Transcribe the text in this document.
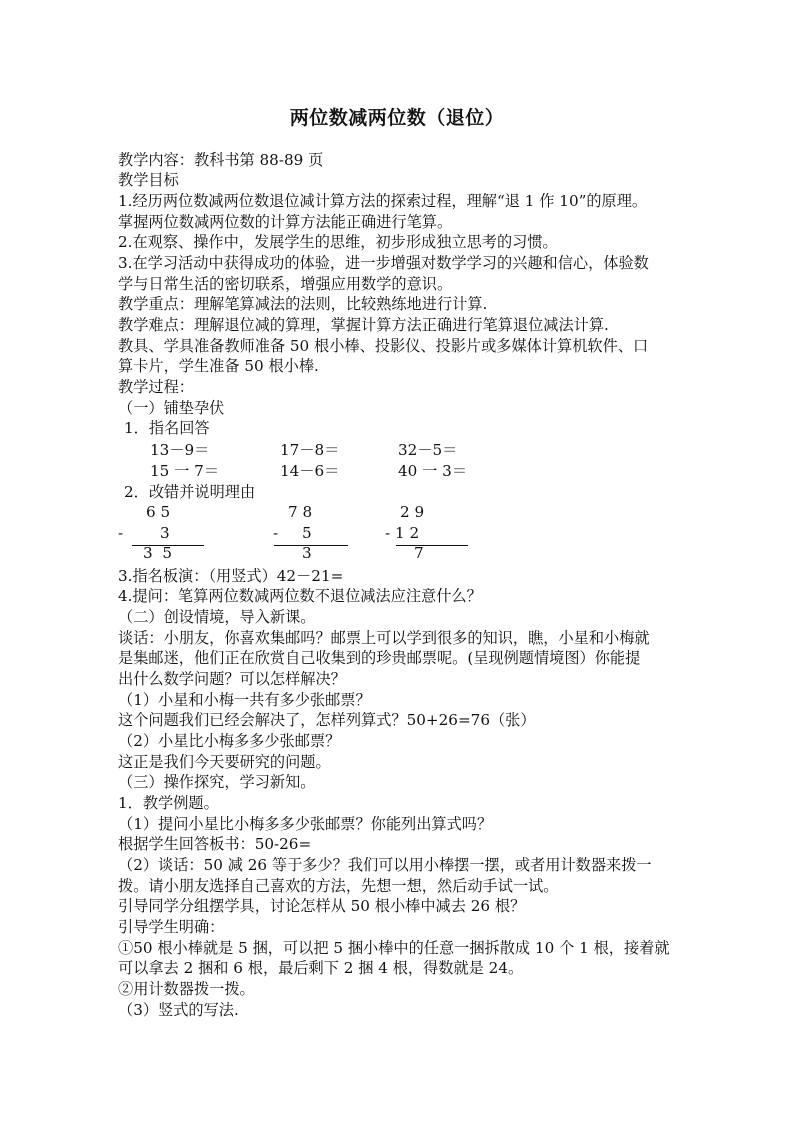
两位数减两位数（退位）
教学内容：教科书第 88-89 页
教学目标
1.经历两位数减两位数退位减计算方法的探索过程，理解“退 1 作 10”的原理。
掌握两位数减两位数的计算方法能正确进行笔算。
2.在观察、操作中，发展学生的思维，初步形成独立思考的习惯。
3.在学习活动中获得成功的体验，进一步增强对数学学习的兴趣和信心，体验数
学与日常生活的密切联系，增强应用数学的意识。
教学重点：理解笔算减法的法则，比较熟练地进行计算.
教学难点：理解退位减的算理，掌握计算方法正确进行笔算退位减法计算.
教具、学具准备教师准备 50 根小棒、投影仪、投影片或多媒体计算机软件、口
算卡片，学生准备 50 根小棒.
教学过程：
（一）铺垫孕伏
1．指名回答
13－9＝	17－8＝	32－5＝
15 一 7＝	14－6＝	40 一 3＝
2．改错并说明理由
6 5
- 3
3  5
7 8
- 5
3
2 9
- 1 2
7
3.指名板演：（用竖式）42－21=
4.提问：笔算两位数减两位数不退位减法应注意什么？
（二）创设情境，导入新课。
谈话：小朋友，你喜欢集邮吗？邮票上可以学到很多的知识，瞧，小星和小梅就
是集邮迷，他们正在欣赏自己收集到的珍贵邮票呢。(呈现例题情境图）你能提
出什么数学问题？可以怎样解决？
（1）小星和小梅一共有多少张邮票？
这个问题我们已经会解决了，怎样列算式？50+26=76（张）
（2）小星比小梅多多少张邮票？
这正是我们今天要研究的问题。
（三）操作探究，学习新知。
1．教学例题。
（1）提问小星比小梅多多少张邮票？你能列出算式吗？
根据学生回答板书：50-26=
（2）谈话：50 减 26 等于多少？我们可以用小棒摆一摆，或者用计数器来拨一
拨。请小朋友选择自己喜欢的方法，先想一想，然后动手试一试。
引导同学分组摆学具，讨论怎样从 50 根小棒中减去 26 根？
引导学生明确：
①50 根小棒就是 5 捆，可以把 5 捆小棒中的任意一捆拆散成 10 个 1 根，接着就
可以拿去 2 捆和 6 根，最后剩下 2 捆 4 根，得数就是 24。
②用计数器拨一拨。
（3）竖式的写法.
